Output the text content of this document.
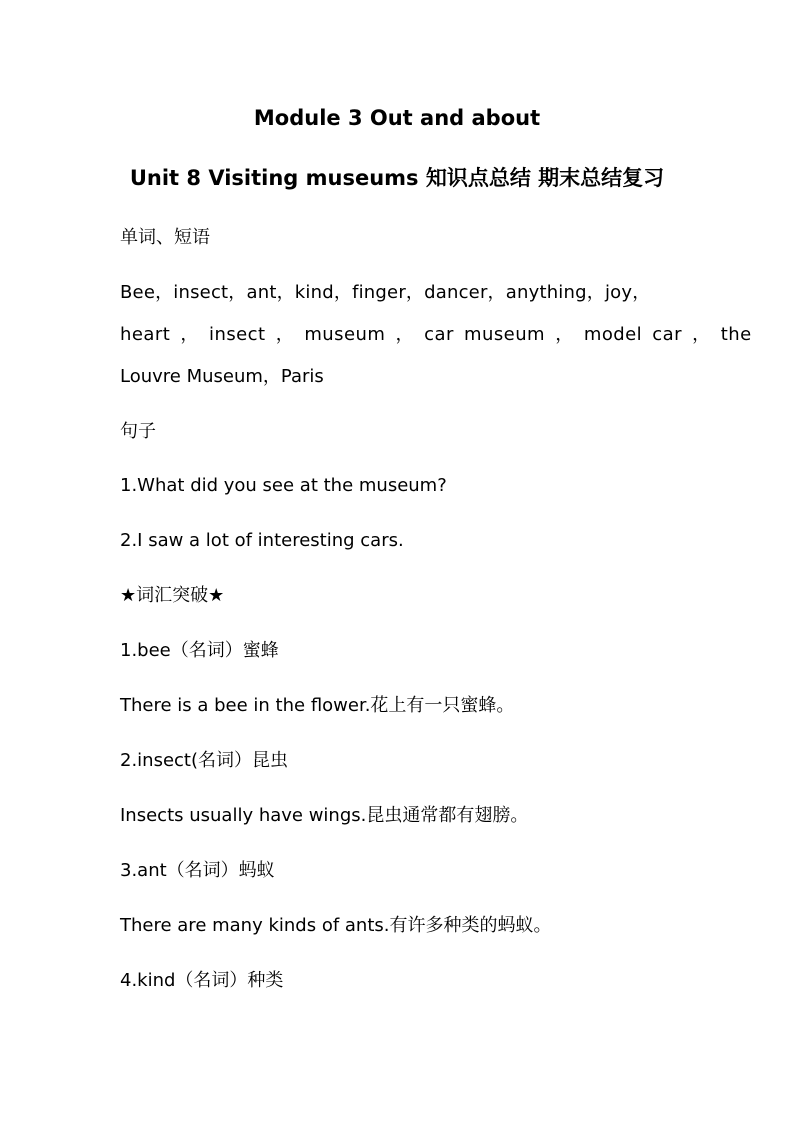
Module 3 Out and about
Unit 8 Visiting museums 知识点总结 期末总结复习

单词、短语

Bee，insect，ant，kind，finger，dancer，anything，joy，

heart ， insect ， museum ， car museum ， model car ， the

Louvre Museum，Paris

句子

1.What did you see at the museum?

2.I saw a lot of interesting cars.

★词汇突破★

1.bee（名词）蜜蜂

There is a bee in the flower.花上有一只蜜蜂。

2.insect(名词）昆虫

Insects usually have wings.昆虫通常都有翅膀。

3.ant（名词）蚂蚁

There are many kinds of ants.有许多种类的蚂蚁。

4.kind（名词）种类
